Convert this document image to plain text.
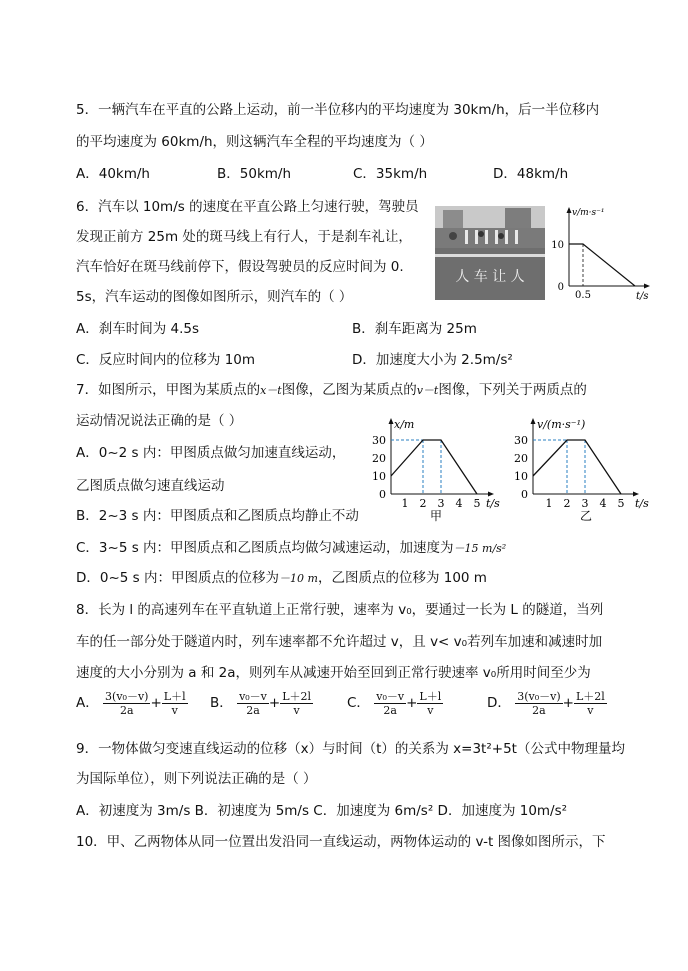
5．一辆汽车在平直的公路上运动，前一半位移内的平均速度为 30km/h，后一半位移内
的平均速度为 60km/h，则这辆汽车全程的平均速度为（ ）
A．40km/h	B．50km/h	C．35km/h	D．48km/h
6．汽车以 10m/s 的速度在平直公路上匀速行驶，驾驶员
发现正前方 25m 处的斑马线上有行人，于是刹车礼让，
汽车恰好在斑马线前停下，假设驾驶员的反应时间为 0.
5s，汽车运动的图像如图所示，则汽车的（ ）
人 车 让 人
10
0
0.5
v/m·s⁻¹
t/s
A．刹车时间为 4.5s	B．刹车距离为 25m
C．反应时间内的位移为 10m	D．加速度大小为 2.5m/s²
7．如图所示，甲图为某质点的x－t图像，乙图为某质点的v－t图像，下列关于两质点的
运动情况说法正确的是（ ）
A．0~2 s 内：甲图质点做匀加速直线运动，
乙图质点做匀速直线运动
B．2~3 s 内：甲图质点和乙图质点均静止不动
C．3~5 s 内：甲图质点和乙图质点均做匀减速运动，加速度为－15 m/s²
D．0~5 s 内：甲图质点的位移为－10 m，乙图质点的位移为 100 m
0
10
20
30
1 2 3 4 5
x/m
t/s
甲
0
10
20
30
1 2 3 4 5
v/(m·s⁻¹)
t/s
乙
8．长为 l 的高速列车在平直轨道上正常行驶，速率为 v₀，要通过一长为 L 的隧道，当列
车的任一部分处于隧道内时，列车速率都不允许超过 v，且 v< v₀若列车加速和减速时加
速度的大小分别为 a 和 2a，则列车从减速开始至回到正常行驶速率 v₀所用时间至少为
A． $\frac{\text{3(v₀－v)}}{2a} + \frac{L+l}{v}$ B． $\frac{\text{v₀－v}}{2a} + \frac{L+2l}{v}$	C． $\frac{\text{v₀－v}}{2a} + \frac{L+l}{v}$	D． $\frac{\text{3(v₀－v)}}{2a} + \frac{L+2l}{v}$
9．一物体做匀变速直线运动的位移（x）与时间（t）的关系为 x=3t²+5t（公式中物理量均
为国际单位），则下列说法正确的是（ ）
A．初速度为 3m/s B．初速度为 5m/s C．加速度为 6m/s² D．加速度为 10m/s²
10．甲、乙两物体从同一位置出发沿同一直线运动，两物体运动的 v-t 图像如图所示，下
